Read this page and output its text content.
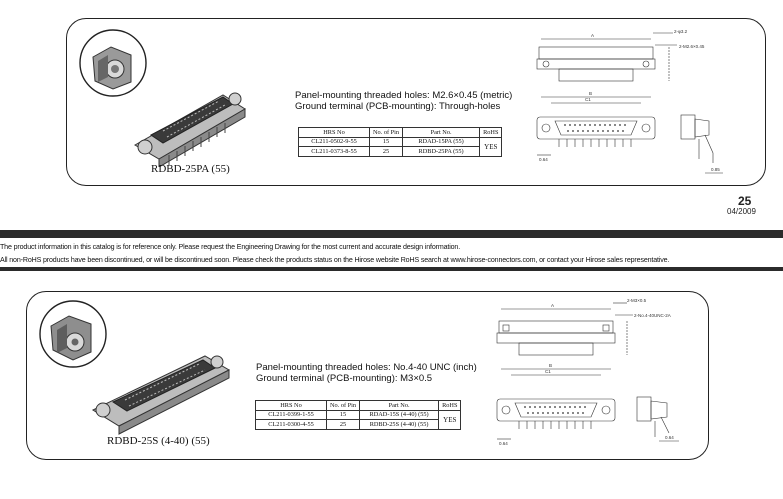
RDBD-25PA (55)
Panel-mounting threaded holes: M2.6×0.45 (metric)
Ground terminal (PCB-mounting): Through-holes
HRS No	No. of Pin	Part No.	RoHS
CL211-0502-9-55	15	RDAD-15PA (55)	YES
CL211-0373-8-55	25	RDBD-25PA (55)	
A
2-φ3.2
2-M2.6×0.45
B
C1
0.64
0.85
25
04/2009
The product information in this catalog is for reference only. Please request the Engineering Drawing for the most current and accurate design information.
All non-RoHS products have been discontinued, or will be discontinued soon. Please check the products status on the Hirose website RoHS search at www.hirose-connectors.com, or contact your Hirose sales representative.
RDBD-25S (4-40) (55)
Panel-mounting threaded holes: No.4-40 UNC (inch)
Ground terminal (PCB-mounting): M3×0.5
HRS No	No. of Pin	Part No.	RoHS
CL211-0399-1-55	15	RDAD-15S (4-40) (55)	YES
CL211-0300-4-55	25	RDBD-25S (4-40) (55)	
A
2-M3×0.5
2-No.4-40UNC-2A
B
C1
0.64
0.64
